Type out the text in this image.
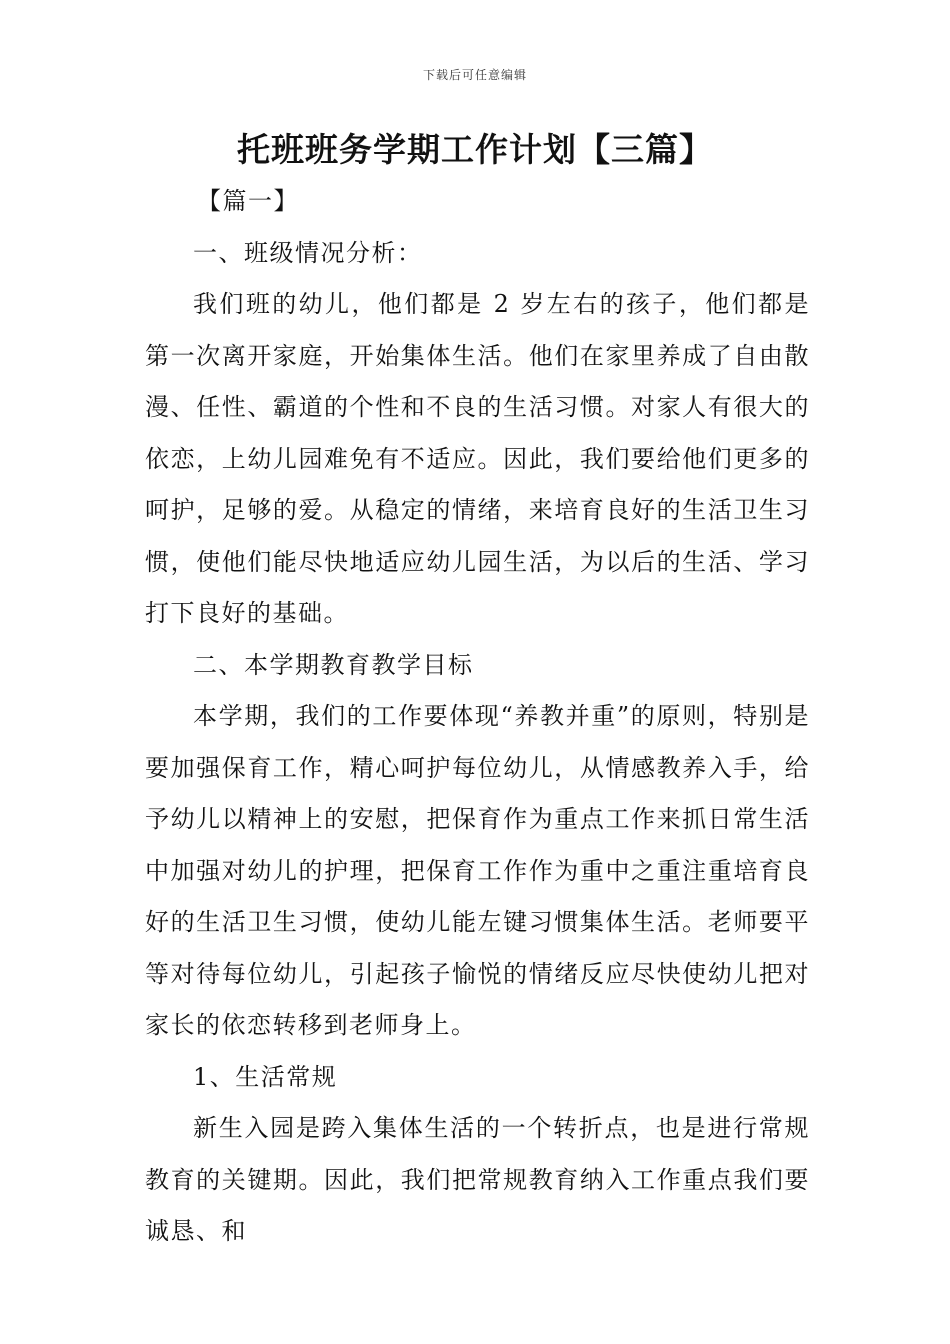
下载后可任意编辑
托班班务学期工作计划【三篇】

【篇一】

一、班级情况分析：

我们班的幼儿，他们都是 2 岁左右的孩子，他们都是第一次离开家庭，开始集体生活。他们在家里养成了自由散漫、任性、霸道的个性和不良的生活习惯。对家人有很大的依恋，上幼儿园难免有不适应。因此，我们要给他们更多的呵护，足够的爱。从稳定的情绪，来培育良好的生活卫生习惯，使他们能尽快地适应幼儿园生活，为以后的生活、学习打下良好的基础。

二、本学期教育教学目标

本学期，我们的工作要体现“养教并重”的原则，特别是要加强保育工作，精心呵护每位幼儿，从情感教养入手，给予幼儿以精神上的安慰，把保育作为重点工作来抓日常生活中加强对幼儿的护理，把保育工作作为重中之重注重培育良好的生活卫生习惯，使幼儿能左键习惯集体生活。老师要平等对待每位幼儿，引起孩子愉悦的情绪反应尽快使幼儿把对家长的依恋转移到老师身上。

1、生活常规

新生入园是跨入集体生活的一个转折点，也是进行常规教育的关键期。因此，我们把常规教育纳入工作重点我们要诚恳、和
